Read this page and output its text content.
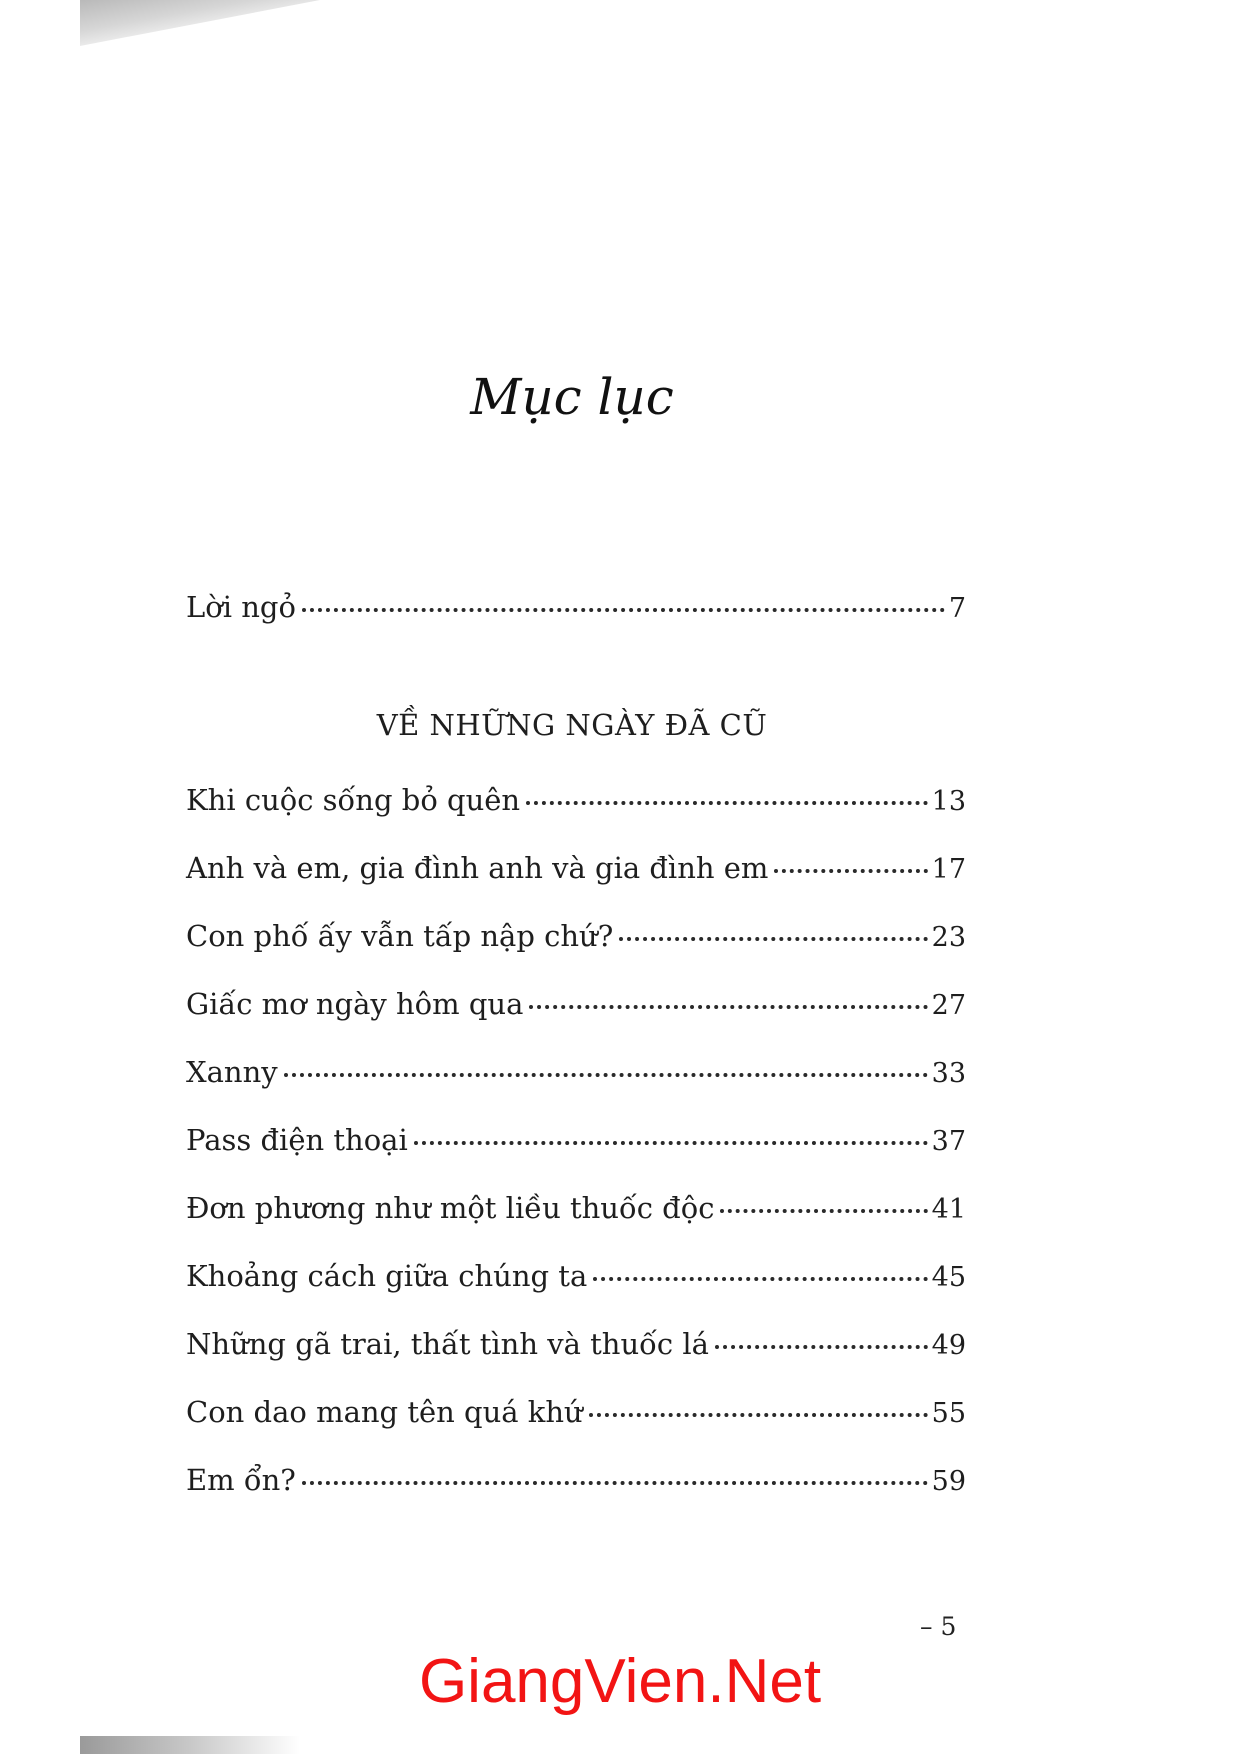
Mục lục
Lời ngỏ	7
VỀ NHỮNG NGÀY ĐÃ CŨ
Khi cuộc sống bỏ quên	13
Anh và em, gia đình anh và gia đình em	17
Con phố ấy vẫn tấp nập chứ?	23
Giấc mơ ngày hôm qua	27
Xanny	33
Pass điện thoại	37
Đơn phương như một liều thuốc độc	41
Khoảng cách giữa chúng ta	45
Những gã trai, thất tình và thuốc lá	49
Con dao mang tên quá khứ	55
Em ổn?	59
– 5
GiangVien.Net
